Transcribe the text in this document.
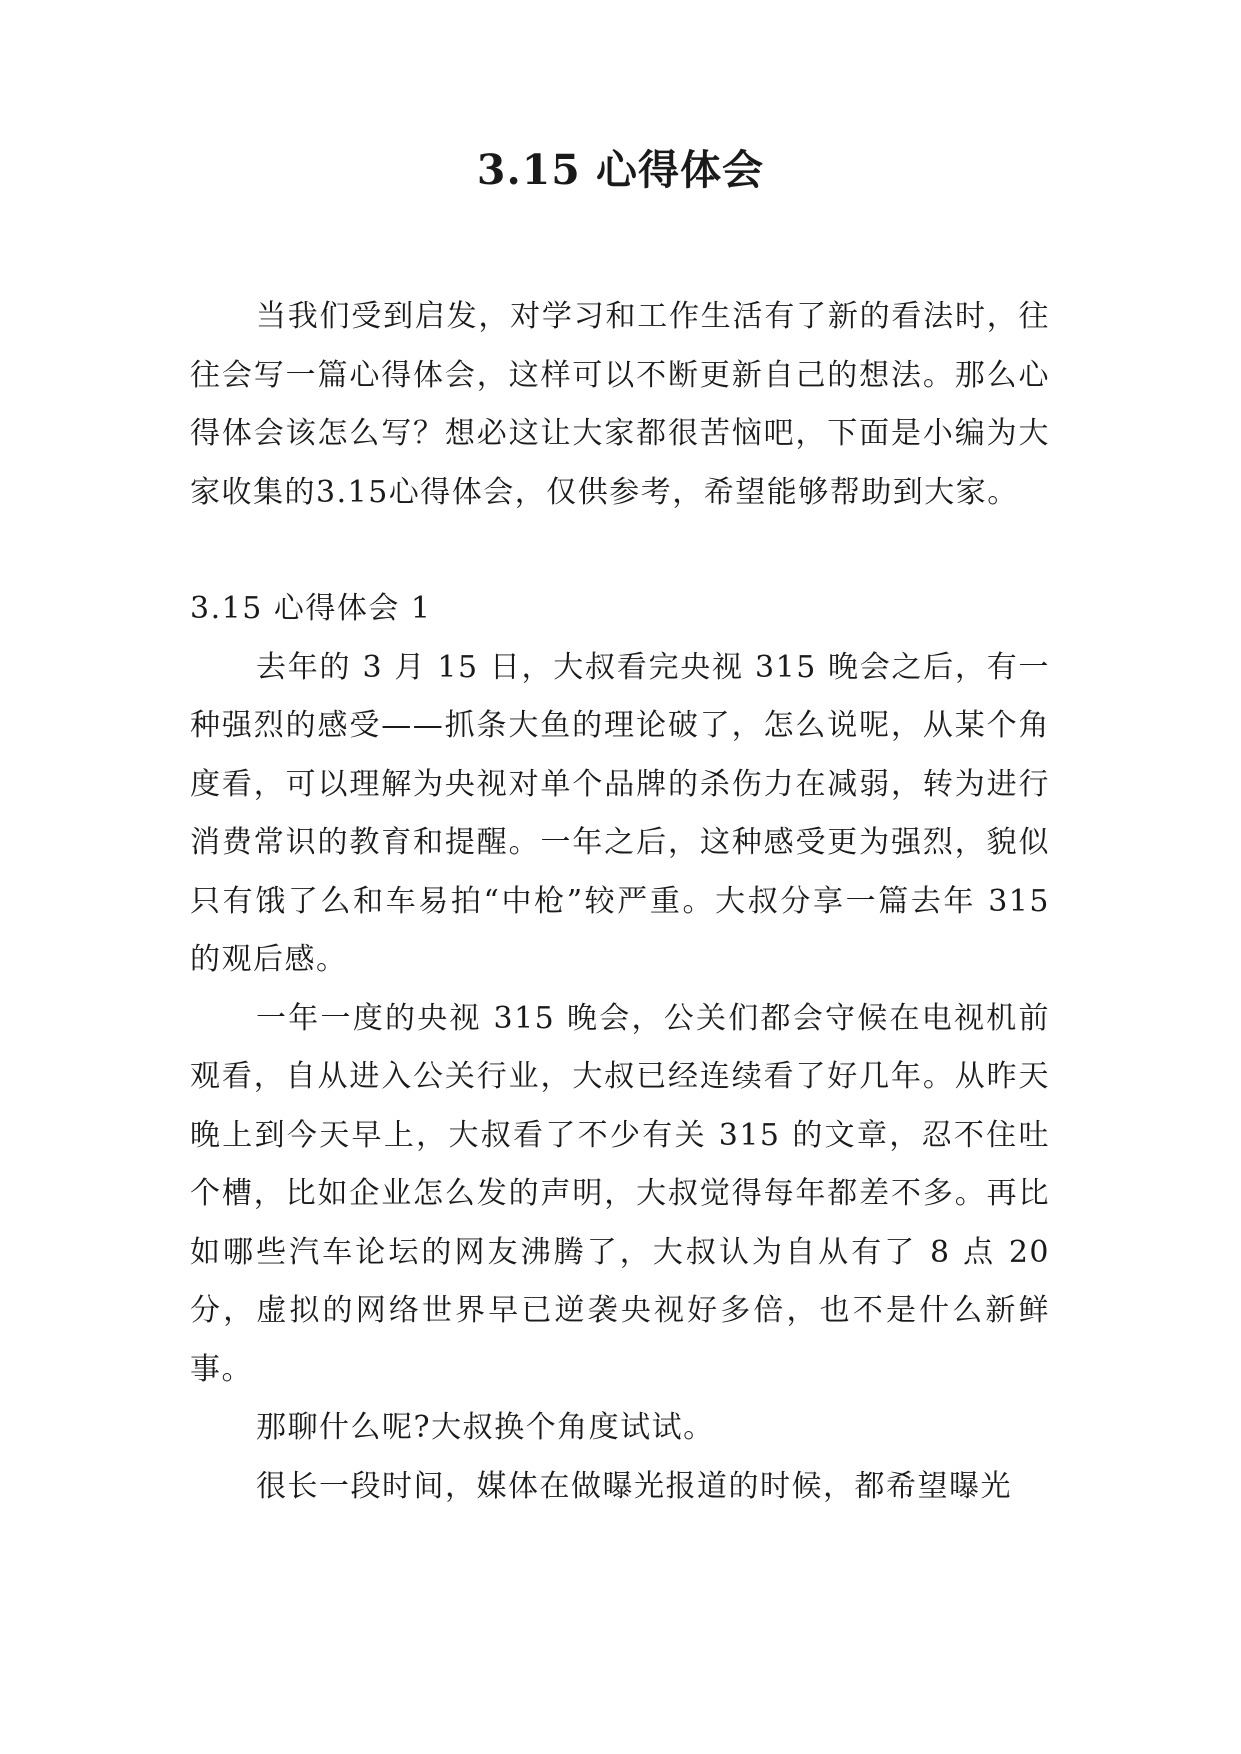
3.15 心得体会

当我们受到启发，对学习和工作生活有了新的看法时，往往会写一篇心得体会，这样可以不断更新自己的想法。那么心得体会该怎么写？想必这让大家都很苦恼吧，下面是小编为大家收集的3.15心得体会，仅供参考，希望能够帮助到大家。

3.15 心得体会 1

去年的 3 月 15 日，大叔看完央视 315 晚会之后，有一种强烈的感受——抓条大鱼的理论破了，怎么说呢，从某个角度看，可以理解为央视对单个品牌的杀伤力在减弱，转为进行消费常识的教育和提醒。一年之后，这种感受更为强烈，貌似只有饿了么和车易拍“中枪”较严重。大叔分享一篇去年 315 的观后感。

一年一度的央视 315 晚会，公关们都会守候在电视机前观看，自从进入公关行业，大叔已经连续看了好几年。从昨天晚上到今天早上，大叔看了不少有关 315 的文章，忍不住吐个槽，比如企业怎么发的声明，大叔觉得每年都差不多。再比如哪些汽车论坛的网友沸腾了，大叔认为自从有了 8 点 20 分，虚拟的网络世界早已逆袭央视好多倍，也不是什么新鲜事。

那聊什么呢?大叔换个角度试试。

很长一段时间，媒体在做曝光报道的时候，都希望曝光
